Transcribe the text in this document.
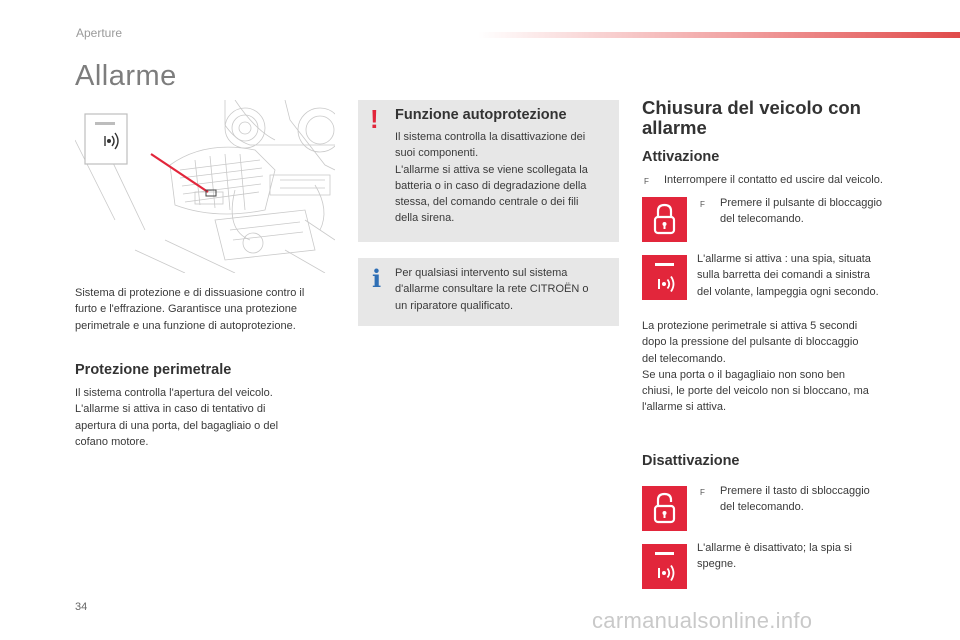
Aperture
Allarme
Sistema di protezione e di dissuasione contro il
furto e l'effrazione. Garantisce una protezione
perimetrale e una funzione di autoprotezione.
Protezione perimetrale
Il sistema controlla l'apertura del veicolo.
L'allarme si attiva in caso di tentativo di
apertura di una porta, del bagagliaio o del
cofano motore.
! Funzione autoprotezione
Il sistema controlla la disattivazione dei
suoi componenti.
L'allarme si attiva se viene scollegata la
batteria o in caso di degradazione della
stessa, del comando centrale o dei fili
della sirena.
i Per qualsiasi intervento sul sistema
d'allarme consultare la rete CITROËN o
un riparatore qualificato.
Chiusura del veicolo con
allarme
Attivazione
F Interrompere il contatto ed uscire dal veicolo.
F Premere il pulsante di bloccaggio
del telecomando.
L'allarme si attiva : una spia, situata
sulla barretta dei comandi a sinistra
del volante, lampeggia ogni secondo.
La protezione perimetrale si attiva 5 secondi
dopo la pressione del pulsante di bloccaggio
del telecomando.
Se una porta o il bagagliaio non sono ben
chiusi, le porte del veicolo non si bloccano, ma
l'allarme si attiva.
Disattivazione
F Premere il tasto di sbloccaggio
del telecomando.
L'allarme è disattivato; la spia si
spegne.
34
carmanualsonline.info
